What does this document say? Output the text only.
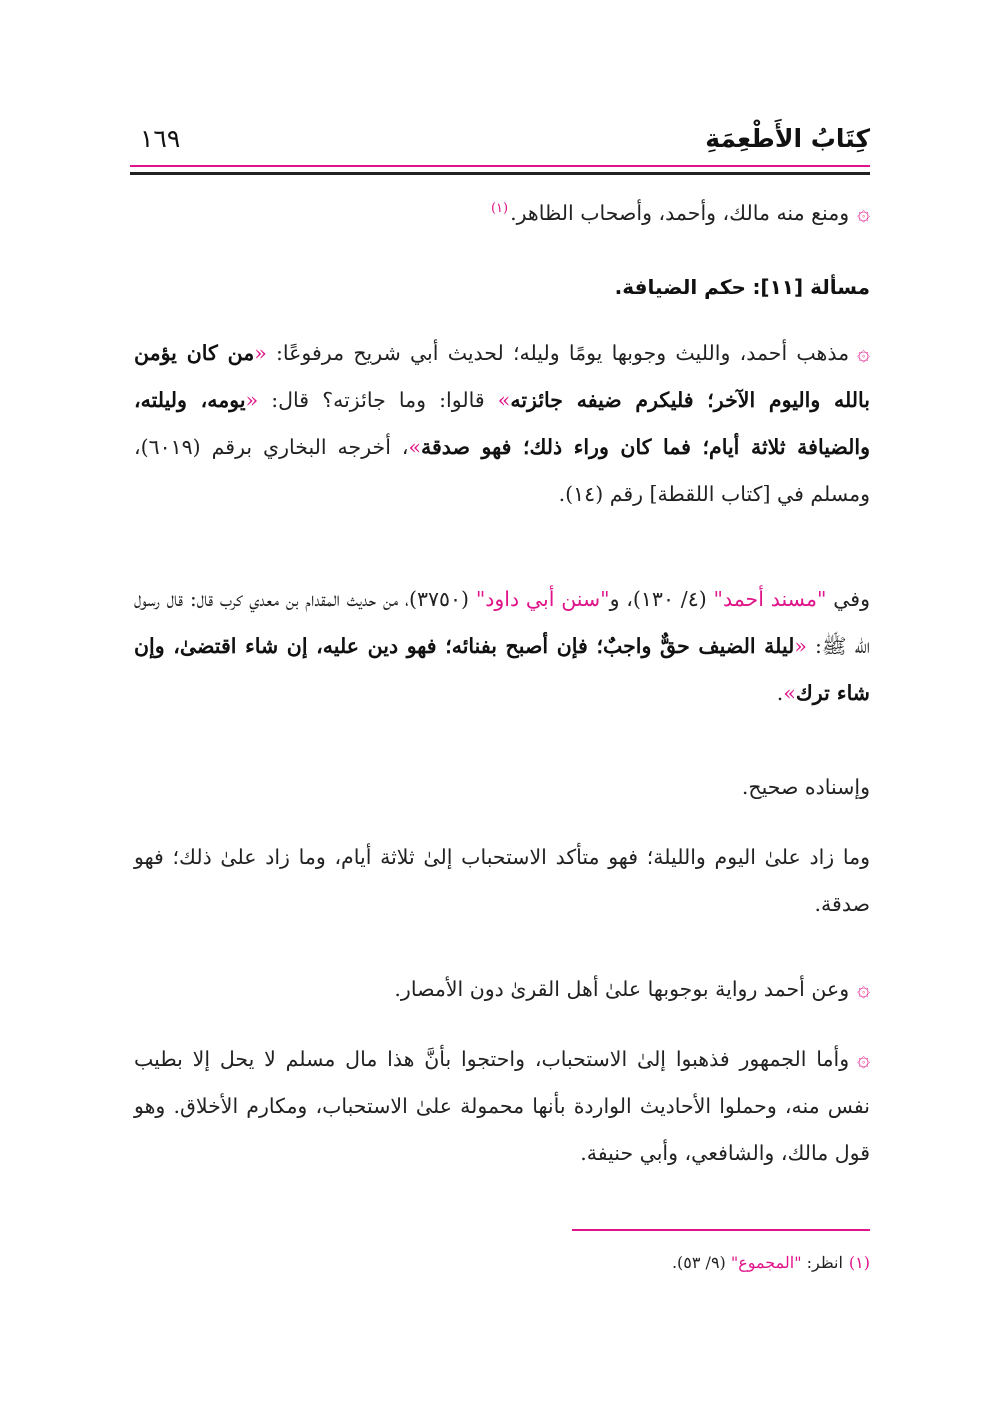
كِتَابُ الأَطْعِمَةِ
١٦٩
۞ومنع منه مالك، وأحمد، وأصحاب الظاهر.$^{(١)}$
مسألة [١١]: حكم الضيافة.
۞مذهب أحمد، والليث وجوبها يومًا وليله؛ لحديث أبي شريح مرفوعًا: «من كان يؤمن بالله واليوم الآخر؛ فليكرم ضيفه جائزته» قالوا: وما جائزته؟ قال: «يومه، وليلته، والضيافة ثلاثة أيام؛ فما كان وراء ذلك؛ فهو صدقة»، أخرجه البخاري برقم (٦٠١٩)، ومسلم في [كتاب اللقطة] رقم (١٤).
وفي "مسند أحمد" (٤/ ١٣٠)، و"سنن أبي داود" (٣٧٥٠)، من حديث المقدام بن معدي كرب قال: قال رسول الله ﷺ: «ليلة الضيف حقٌّ واجبٌ؛ فإن أصبح بفنائه؛ فهو دين عليه، إن شاء اقتضىٰ، وإن شاء ترك».
وإسناده صحيح.
وما زاد علىٰ اليوم والليلة؛ فهو متأكد الاستحباب إلىٰ ثلاثة أيام، وما زاد علىٰ ذلك؛ فهو صدقة.
۞وعن أحمد رواية بوجوبها علىٰ أهل القرىٰ دون الأمصار.
۞وأما الجمهور فذهبوا إلىٰ الاستحباب، واحتجوا بأنَّ هذا مال مسلم لا يحل إلا بطيب نفس منه، وحملوا الأحاديث الواردة بأنها محمولة علىٰ الاستحباب، ومكارم الأخلاق. وهو قول مالك، والشافعي، وأبي حنيفة.
(١)انظر: "المجموع" (٩/ ٥٣).
